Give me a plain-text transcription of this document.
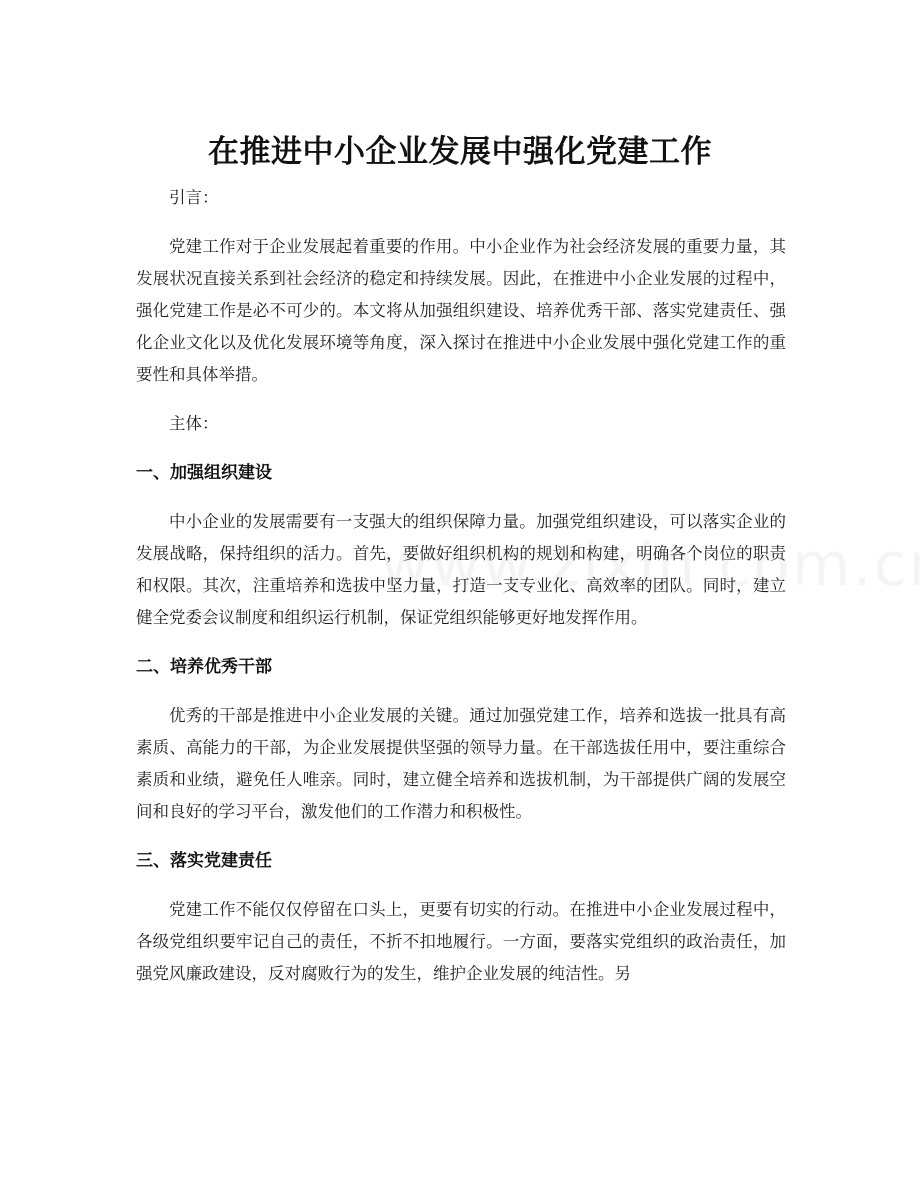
在推进中小企业发展中强化党建工作

引言：

党建工作对于企业发展起着重要的作用。中小企业作为社会经济发展的重要力量，其发展状况直接关系到社会经济的稳定和持续发展。因此，在推进中小企业发展的过程中，强化党建工作是必不可少的。本文将从加强组织建设、培养优秀干部、落实党建责任、强化企业文化以及优化发展环境等角度，深入探讨在推进中小企业发展中强化党建工作的重要性和具体举措。

主体：

一、加强组织建设

中小企业的发展需要有一支强大的组织保障力量。加强党组织建设，可以落实企业的发展战略，保持组织的活力。首先，要做好组织机构的规划和构建，明确各个岗位的职责和权限。其次，注重培养和选拔中坚力量，打造一支专业化、高效率的团队。同时，建立健全党委会议制度和组织运行机制，保证党组织能够更好地发挥作用。

二、培养优秀干部

优秀的干部是推进中小企业发展的关键。通过加强党建工作，培养和选拔一批具有高素质、高能力的干部，为企业发展提供坚强的领导力量。在干部选拔任用中，要注重综合素质和业绩，避免任人唯亲。同时，建立健全培养和选拔机制，为干部提供广阔的发展空间和良好的学习平台，激发他们的工作潜力和积极性。

三、落实党建责任

党建工作不能仅仅停留在口头上，更要有切实的行动。在推进中小企业发展过程中，各级党组织要牢记自己的责任，不折不扣地履行。一方面，要落实党组织的政治责任，加强党风廉政建设，反对腐败行为的发生，维护企业发展的纯洁性。另
